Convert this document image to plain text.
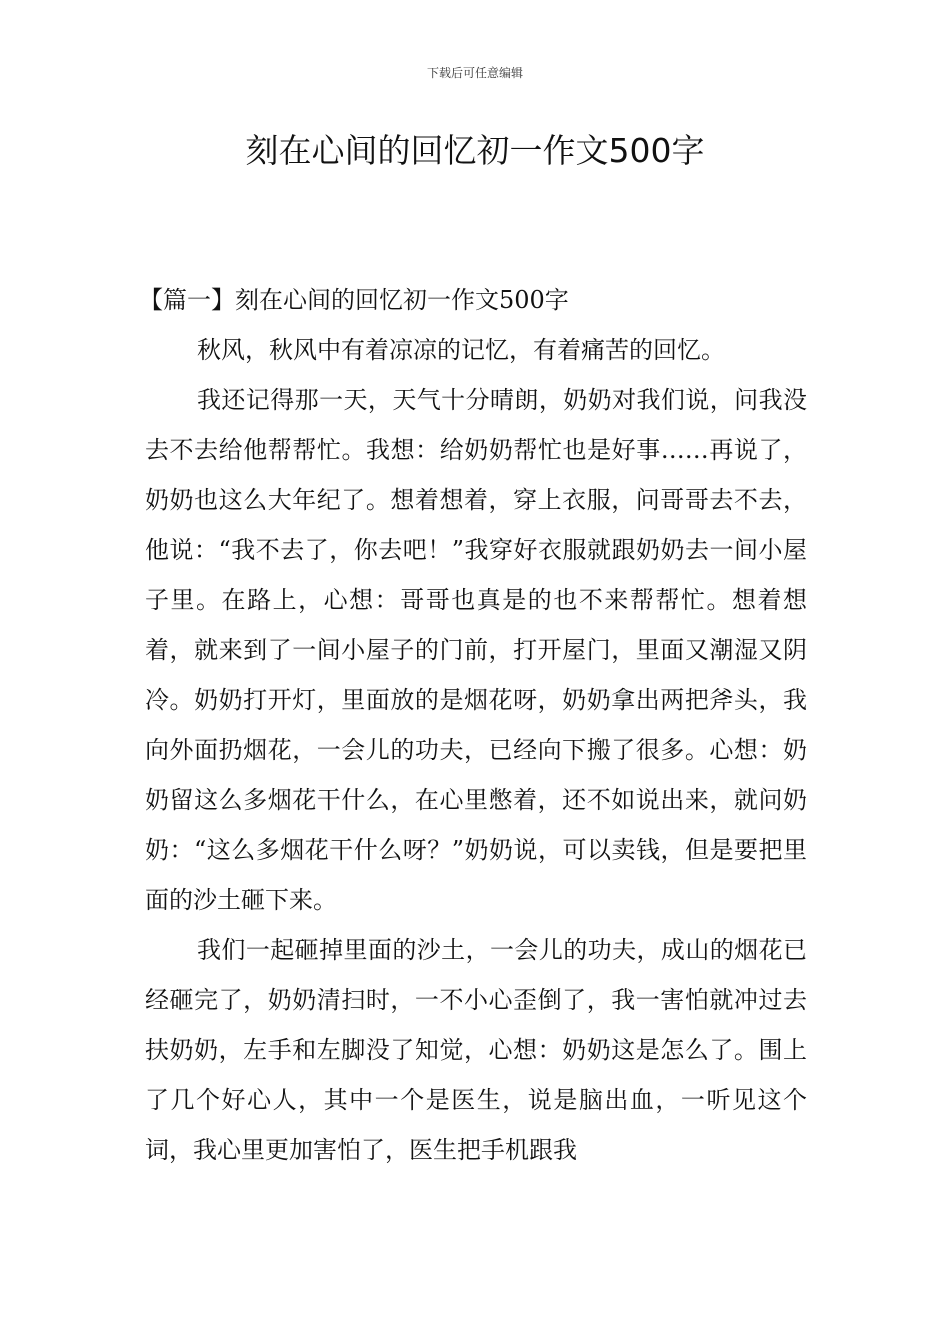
下载后可任意编辑
刻在心间的回忆初一作文500字
【篇一】刻在心间的回忆初一作文500字

秋风，秋风中有着凉凉的记忆，有着痛苦的回忆。

我还记得那一天，天气十分晴朗，奶奶对我们说，问我没去不去给他帮帮忙。我想：给奶奶帮忙也是好事……再说了，奶奶也这么大年纪了。想着想着，穿上衣服，问哥哥去不去，他说：“我不去了，你去吧！”我穿好衣服就跟奶奶去一间小屋子里。在路上，心想：哥哥也真是的也不来帮帮忙。想着想着，就来到了一间小屋子的门前，打开屋门，里面又潮湿又阴冷。奶奶打开灯，里面放的是烟花呀，奶奶拿出两把斧头，我向外面扔烟花，一会儿的功夫，已经向下搬了很多。心想：奶奶留这么多烟花干什么，在心里憋着，还不如说出来，就问奶奶：“这么多烟花干什么呀？”奶奶说，可以卖钱，但是要把里面的沙土砸下来。

我们一起砸掉里面的沙土，一会儿的功夫，成山的烟花已经砸完了，奶奶清扫时，一不小心歪倒了，我一害怕就冲过去扶奶奶，左手和左脚没了知觉，心想：奶奶这是怎么了。围上了几个好心人，其中一个是医生，说是脑出血，一听见这个词，我心里更加害怕了，医生把手机跟我
